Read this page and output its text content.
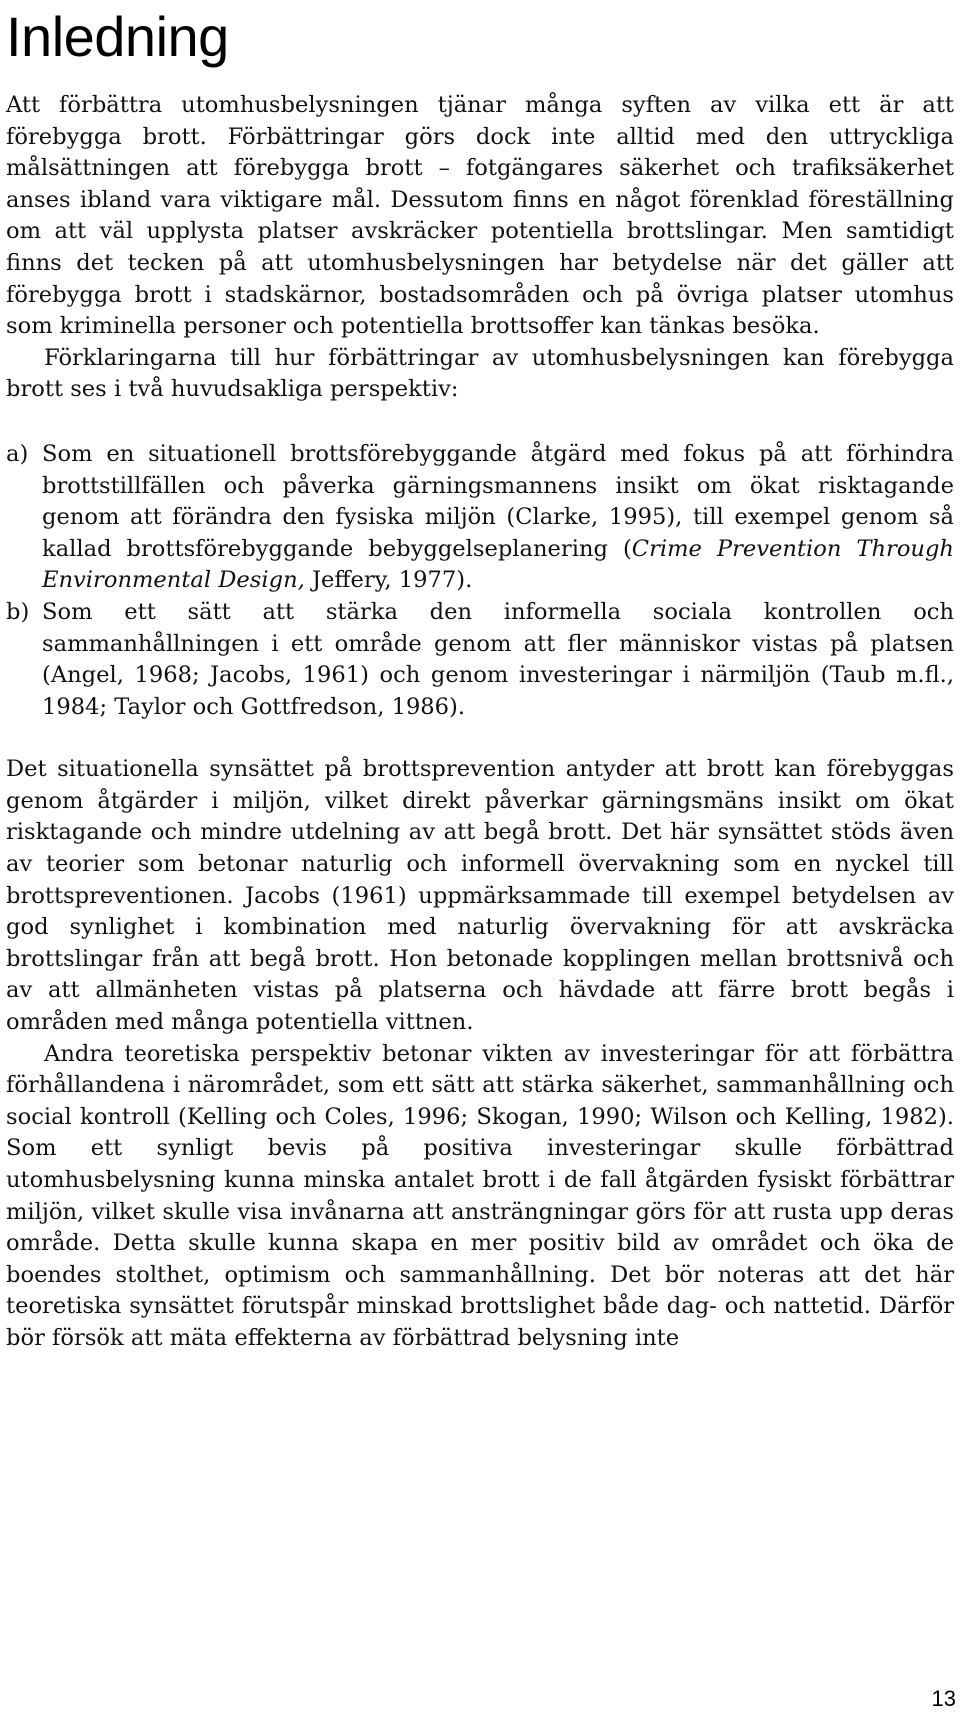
Inledning

Att förbättra utomhusbelysningen tjänar många syften av vilka ett är att förebygga brott. Förbättringar görs dock inte alltid med den uttryckliga målsättningen att förebygga brott – fotgängares säkerhet och trafiksäkerhet anses ibland vara viktigare mål. Dessutom finns en något förenklad föreställning om att väl upplysta platser avskräcker potentiella brottslingar. Men samtidigt finns det tecken på att utomhusbelysningen har betydelse när det gäller att förebygga brott i stadskärnor, bostadsområden och på övriga platser utomhus som kriminella personer och potentiella brottsoffer kan tänkas besöka.

Förklaringarna till hur förbättringar av utomhusbelysningen kan förebygga brott ses i två huvudsakliga perspektiv:

a) Som en situationell brottsförebyggande åtgärd med fokus på att förhindra brottstillfällen och påverka gärningsmannens insikt om ökat risktagande genom att förändra den fysiska miljön (Clarke, 1995), till exempel genom så kallad brottsförebyggande bebyggelseplanering (Crime Prevention Through Environmental Design, Jeffery, 1977).
b) Som ett sätt att stärka den informella sociala kontrollen och sammanhållningen i ett område genom att fler människor vistas på platsen (Angel, 1968; Jacobs, 1961) och genom investeringar i närmiljön (Taub m.fl., 1984; Taylor och Gottfredson, 1986).

Det situationella synsättet på brottsprevention antyder att brott kan förebyggas genom åtgärder i miljön, vilket direkt påverkar gärningsmäns insikt om ökat risktagande och mindre utdelning av att begå brott. Det här synsättet stöds även av teorier som betonar naturlig och informell övervakning som en nyckel till brottspreventionen. Jacobs (1961) uppmärksammade till exempel betydelsen av god synlighet i kombination med naturlig övervakning för att avskräcka brottslingar från att begå brott. Hon betonade kopplingen mellan brottsnivå och av att allmänheten vistas på platserna och hävdade att färre brott begås i områden med många potentiella vittnen.

Andra teoretiska perspektiv betonar vikten av investeringar för att förbättra förhållandena i närområdet, som ett sätt att stärka säkerhet, sammanhållning och social kontroll (Kelling och Coles, 1996; Skogan, 1990; Wilson och Kelling, 1982). Som ett synligt bevis på positiva investeringar skulle förbättrad utomhusbelysning kunna minska antalet brott i de fall åtgärden fysiskt förbättrar miljön, vilket skulle visa invånarna att ansträngningar görs för att rusta upp deras område. Detta skulle kunna skapa en mer positiv bild av området och öka de boendes stolthet, optimism och sammanhållning. Det bör noteras att det här teoretiska synsättet förutspår minskad brottslighet både dag- och nattetid. Därför bör försök att mäta effekterna av förbättrad belysning inte

13
